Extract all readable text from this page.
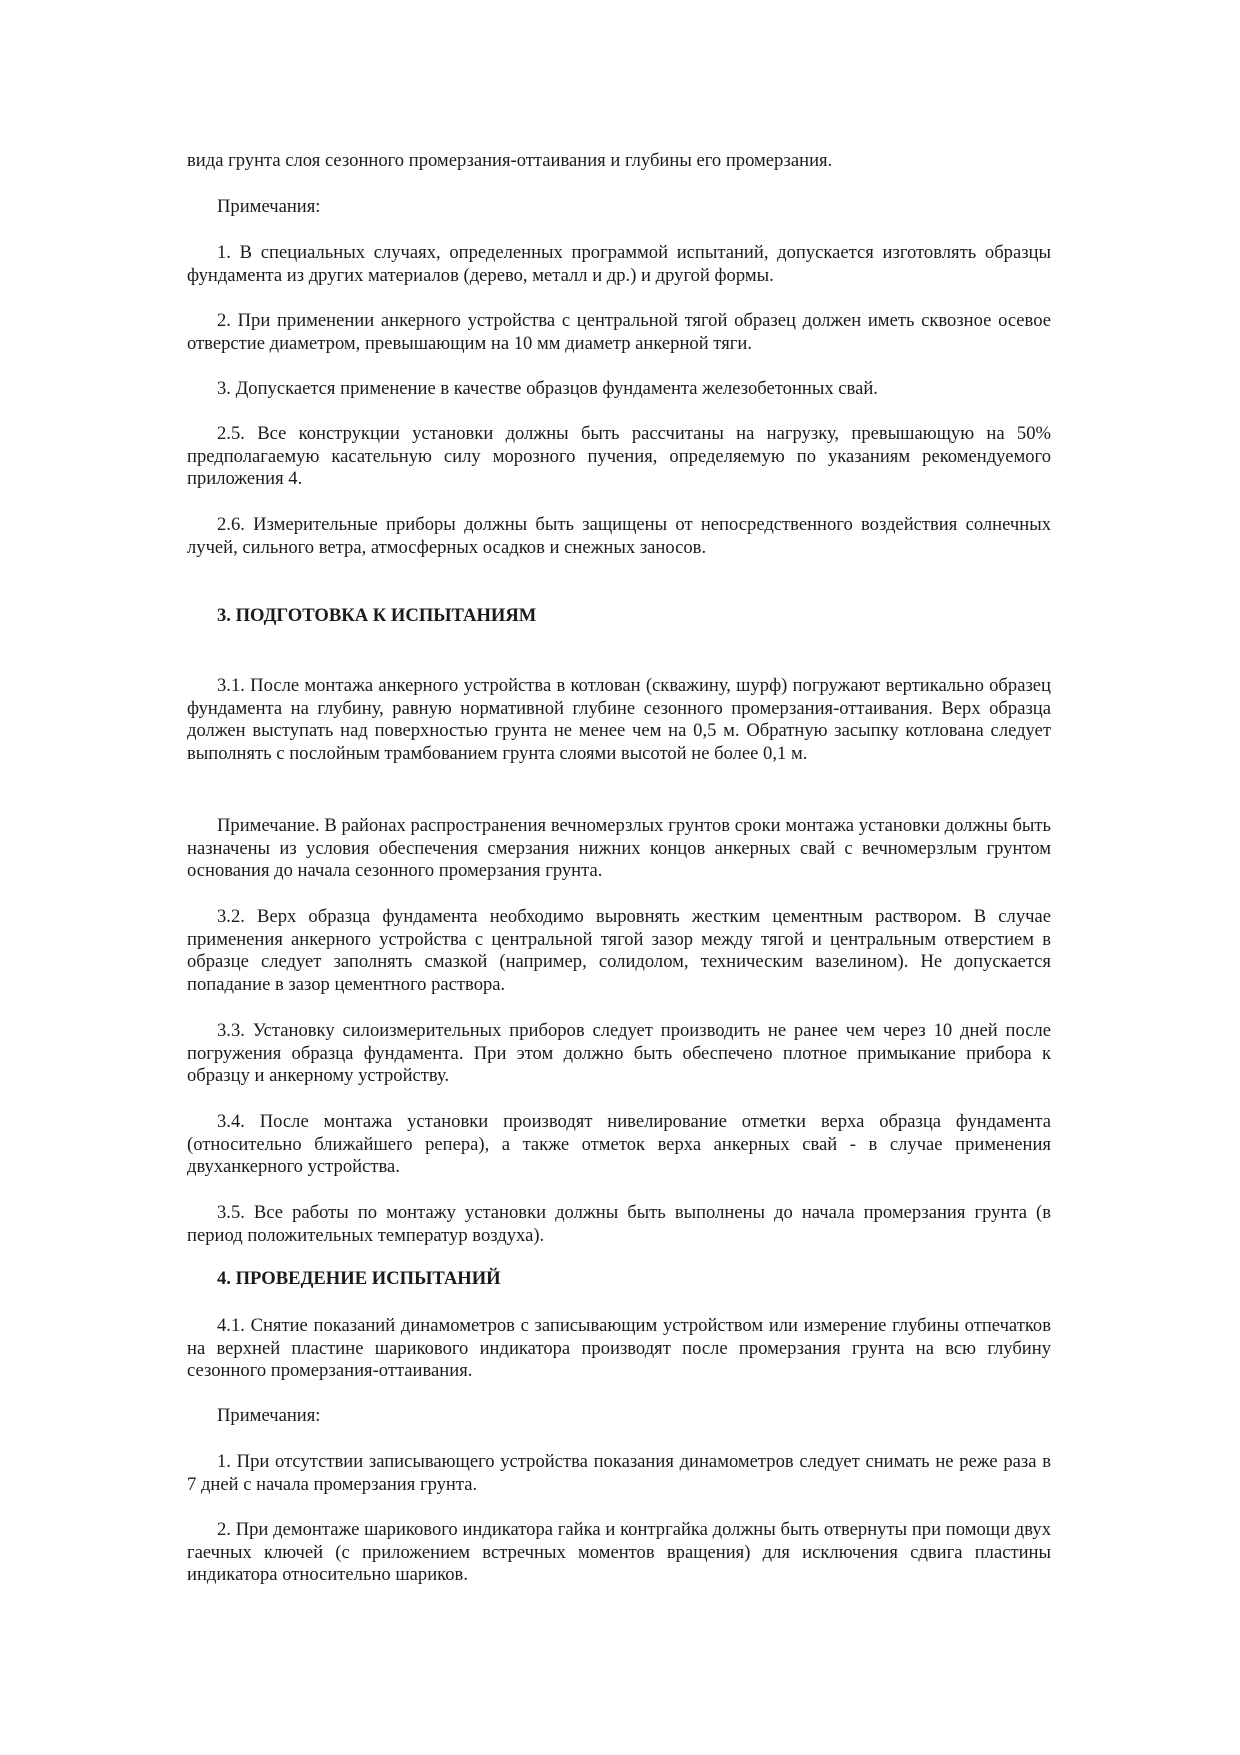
вида грунта слоя сезонного промерзания-оттаивания и глубины его промерзания.

Примечания:

1. В специальных случаях, определенных программой испытаний, допускается изготовлять образцы фундамента из других материалов (дерево, металл и др.) и другой формы.

2. При применении анкерного устройства с центральной тягой образец должен иметь сквозное осевое отверстие диаметром, превышающим на 10 мм диаметр анкерной тяги.

3. Допускается применение в качестве образцов фундамента железобетонных свай.

2.5. Все конструкции установки должны быть рассчитаны на нагрузку, превышающую на 50% предполагаемую касательную силу морозного пучения, определяемую по указаниям рекомендуемого приложения 4.

2.6. Измерительные приборы должны быть защищены от непосредственного воздействия солнечных лучей, сильного ветра, атмосферных осадков и снежных заносов.

3. ПОДГОТОВКА К ИСПЫТАНИЯМ

3.1. После монтажа анкерного устройства в котлован (скважину, шурф) погружают вертикально образец фундамента на глубину, равную нормативной глубине сезонного промерзания-оттаивания. Верх образца должен выступать над поверхностью грунта не менее чем на 0,5 м. Обратную засыпку котлована следует выполнять с послойным трамбованием грунта слоями высотой не более 0,1 м.

Примечание. В районах распространения вечномерзлых грунтов сроки монтажа установки должны быть назначены из условия обеспечения смерзания нижних концов анкерных свай с вечномерзлым грунтом основания до начала сезонного промерзания грунта.

3.2. Верх образца фундамента необходимо выровнять жестким цементным раствором. В случае применения анкерного устройства с центральной тягой зазор между тягой и центральным отверстием в образце следует заполнять смазкой (например, солидолом, техническим вазелином). Не допускается попадание в зазор цементного раствора.

3.3. Установку силоизмерительных приборов следует производить не ранее чем через 10 дней после погружения образца фундамента. При этом должно быть обеспечено плотное примыкание прибора к образцу и анкерному устройству.

3.4. После монтажа установки производят нивелирование отметки верха образца фундамента (относительно ближайшего репера), а также отметок верха анкерных свай - в случае применения двуханкерного устройства.

3.5. Все работы по монтажу установки должны быть выполнены до начала промерзания грунта (в период положительных температур воздуха).

4. ПРОВЕДЕНИЕ ИСПЫТАНИЙ

4.1. Снятие показаний динамометров с записывающим устройством или измерение глубины отпечатков на верхней пластине шарикового индикатора производят после промерзания грунта на всю глубину сезонного промерзания-оттаивания.

Примечания:

1. При отсутствии записывающего устройства показания динамометров следует снимать не реже раза в 7 дней с начала промерзания грунта.

2. При демонтаже шарикового индикатора гайка и контргайка должны быть отвернуты при помощи двух гаечных ключей (с приложением встречных моментов вращения) для исключения сдвига пластины индикатора относительно шариков.
